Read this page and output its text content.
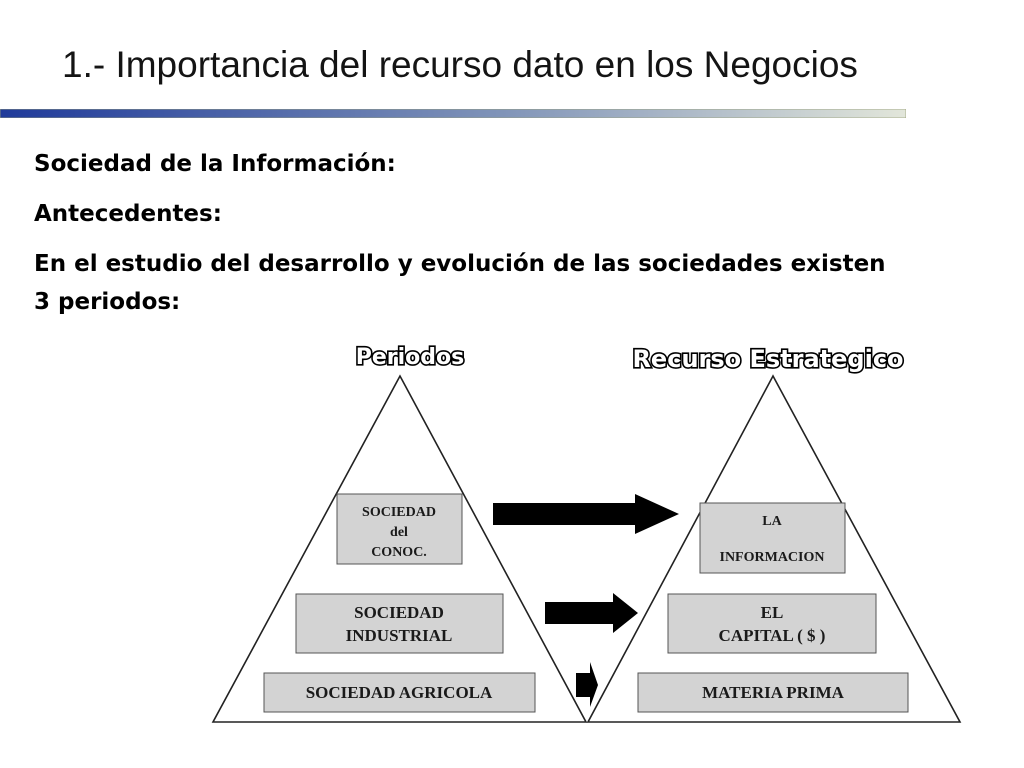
1.- Importancia del recurso dato en los Negocios
Sociedad de la Información:
Antecedentes:
En el estudio del desarrollo y evolución de las sociedades existen
3 periodos:
Periodos	Recurso Estrategico
SOCIEDAD
del
CONOC.
SOCIEDAD
INDUSTRIAL
SOCIEDAD AGRICOLA
LA
INFORMACION
EL
CAPITAL ( $ )
MATERIA PRIMA
